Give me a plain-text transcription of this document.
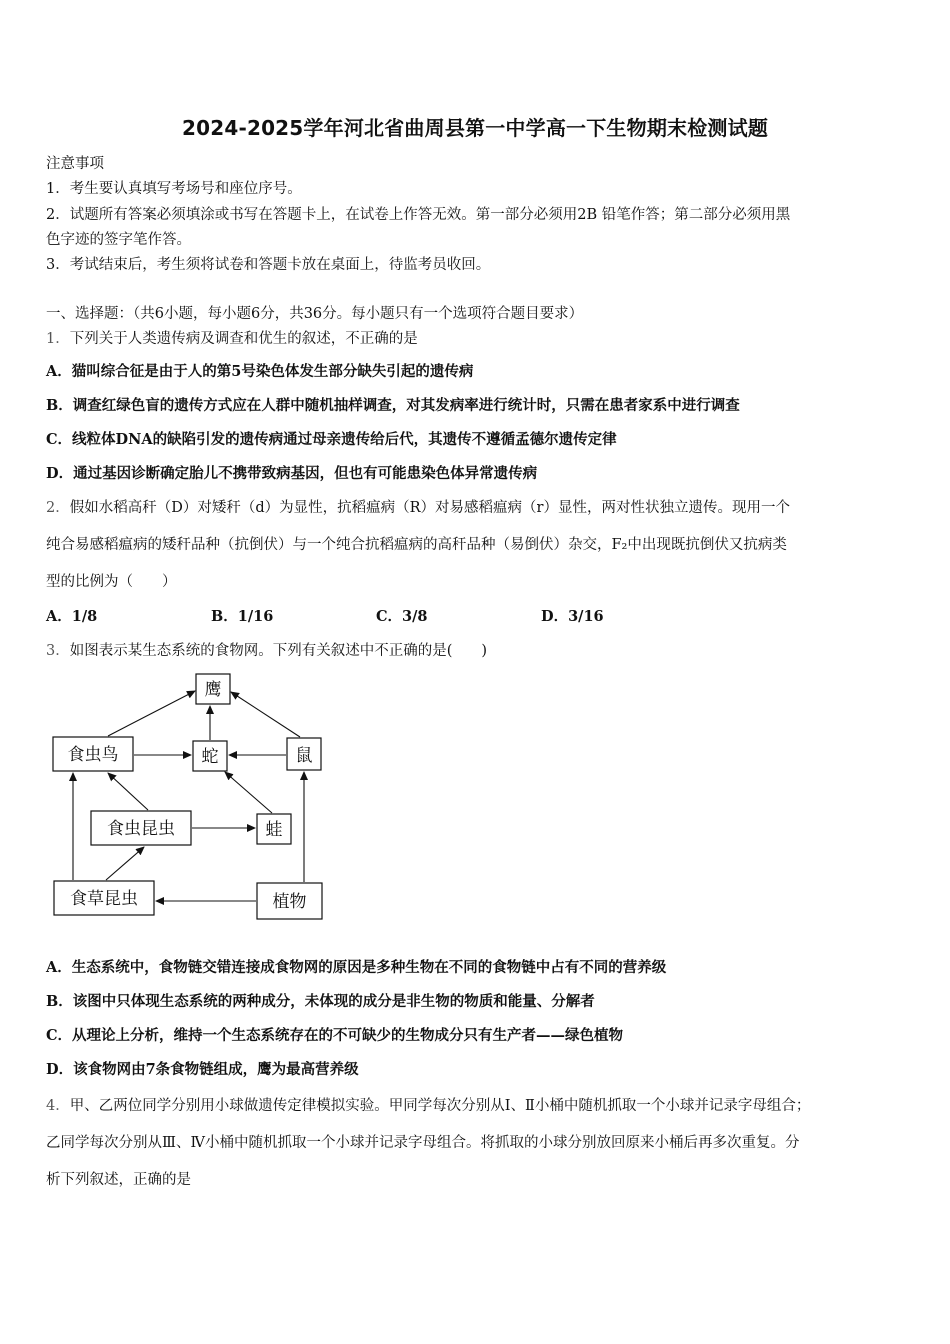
2024-2025学年河北省曲周县第一中学高一下生物期末检测试题
注意事项
1．考生要认真填写考场号和座位序号。
2．试题所有答案必须填涂或书写在答题卡上，在试卷上作答无效。第一部分必须用2B 铅笔作答；第二部分必须用黑
色字迹的签字笔作答。
3．考试结束后，考生须将试卷和答题卡放在桌面上，待监考员收回。
一、选择题：（共6小题，每小题6分，共36分。每小题只有一个选项符合题目要求）
1．下列关于人类遗传病及调查和优生的叙述，不正确的是
A．猫叫综合征是由于人的第5号染色体发生部分缺失引起的遗传病
B．调查红绿色盲的遗传方式应在人群中随机抽样调查，对其发病率进行统计时，只需在患者家系中进行调查
C．线粒体DNA的缺陷引发的遗传病通过母亲遗传给后代，其遗传不遵循孟德尔遗传定律
D．通过基因诊断确定胎儿不携带致病基因，但也有可能患染色体异常遗传病
2．假如水稻高秆（D）对矮秆（d）为显性，抗稻瘟病（R）对易感稻瘟病（r）显性，两对性状独立遗传。现用一个
纯合易感稻瘟病的矮秆品种（抗倒伏）与一个纯合抗稻瘟病的高秆品种（易倒伏）杂交，F₂中出现既抗倒伏又抗病类
型的比例为（　　）
A．1/8	B．1/16	C．3/8	D．3/16
3．如图表示某生态系统的食物网。下列有关叙述中不正确的是(　　)
鹰
食虫鸟	蛇	鼠
食虫昆虫	蛙
食草昆虫	植物
A．生态系统中，食物链交错连接成食物网的原因是多种生物在不同的食物链中占有不同的营养级
B．该图中只体现生态系统的两种成分，未体现的成分是非生物的物质和能量、分解者
C．从理论上分析，维持一个生态系统存在的不可缺少的生物成分只有生产者——绿色植物
D．该食物网由7条食物链组成，鹰为最高营养级
4．甲、乙两位同学分别用小球做遗传定律模拟实验。甲同学每次分别从Ⅰ、Ⅱ小桶中随机抓取一个小球并记录字母组合；
乙同学每次分别从Ⅲ、Ⅳ小桶中随机抓取一个小球并记录字母组合。将抓取的小球分别放回原来小桶后再多次重复。分
析下列叙述，正确的是
